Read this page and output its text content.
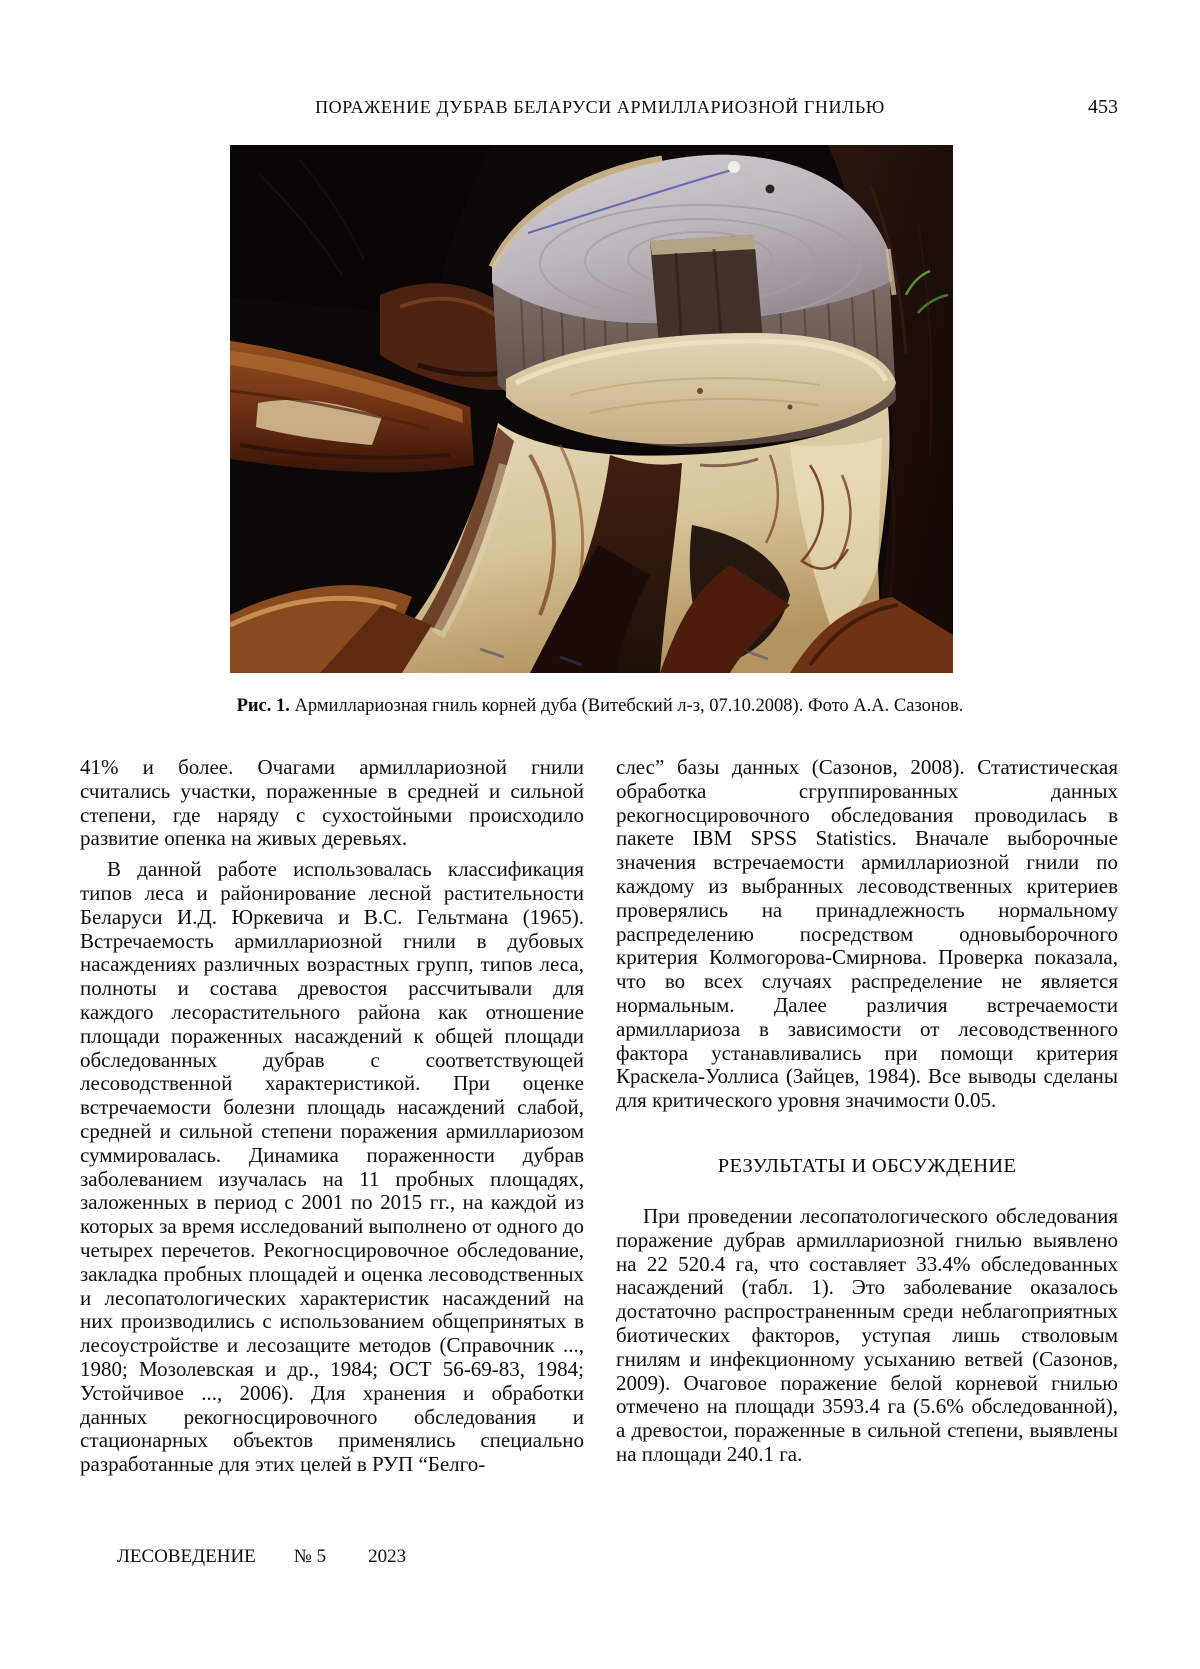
ПОРАЖЕНИЕ ДУБРАВ БЕЛАРУСИ АРМИЛЛАРИОЗНОЙ ГНИЛЬЮ	453
Рис. 1. Армиллариозная гниль корней дуба (Витебский л-з, 07.10.2008). Фото А.А. Сазонов.

41% и более. Очагами армиллариозной гнили считались участки, пораженные в средней и сильной степени, где наряду с сухостойными происходило развитие опенка на живых деревьях.

В данной работе использовалась классификация типов леса и районирование лесной растительности Беларуси И.Д. Юркевича и В.С. Гельтмана (1965). Встречаемость армиллариозной гнили в дубовых насаждениях различных возрастных групп, типов леса, полноты и состава древостоя рассчитывали для каждого лесорастительного района как отношение площади пораженных насаждений к общей площади обследованных дубрав с соответствующей лесоводственной характеристикой. При оценке встречаемости болезни площадь насаждений слабой, средней и сильной степени поражения армиллариозом суммировалась. Динамика пораженности дубрав заболеванием изучалась на 11 пробных площадях, заложенных в период с 2001 по 2015 гг., на каждой из которых за время исследований выполнено от одного до четырех перечетов. Рекогносцировочное обследование, закладка пробных площадей и оценка лесоводственных и лесопатологических характеристик насаждений на них производились с использованием общепринятых в лесоустройстве и лесозащите методов (Справочник ..., 1980; Мозолевская и др., 1984; ОСТ 56-69-83, 1984; Устойчивое ..., 2006). Для хранения и обработки данных рекогносцировочного обследования и стационарных объектов применялись специально разработанные для этих целей в РУП “Белго-

слес” базы данных (Сазонов, 2008). Статистическая обработка сгруппированных данных рекогносцировочного обследования проводилась в пакете IBM SPSS Statistics. Вначале выборочные значения встречаемости армиллариозной гнили по каждому из выбранных лесоводственных критериев проверялись на принадлежность нормальному распределению посредством одновыборочного критерия Колмогорова-Смирнова. Проверка показала, что во всех случаях распределение не является нормальным. Далее различия встречаемости армиллариоза в зависимости от лесоводственного фактора устанавливались при помощи критерия Краскела-Уоллиса (Зайцев, 1984). Все выводы сделаны для критического уровня значимости 0.05.

РЕЗУЛЬТАТЫ И ОБСУЖДЕНИЕ

При проведении лесопатологического обследования поражение дубрав армиллариозной гнилью выявлено на 22 520.4 га, что составляет 33.4% обследованных насаждений (табл. 1). Это заболевание оказалось достаточно распространенным среди неблагоприятных биотических факторов, уступая лишь стволовым гнилям и инфекционному усыханию ветвей (Сазонов, 2009). Очаговое поражение белой корневой гнилью отмечено на площади 3593.4 га (5.6% обследованной), а древостои, пораженные в сильной степени, выявлены на площади 240.1 га.

ЛЕСОВЕДЕНИЕ № 5 2023
